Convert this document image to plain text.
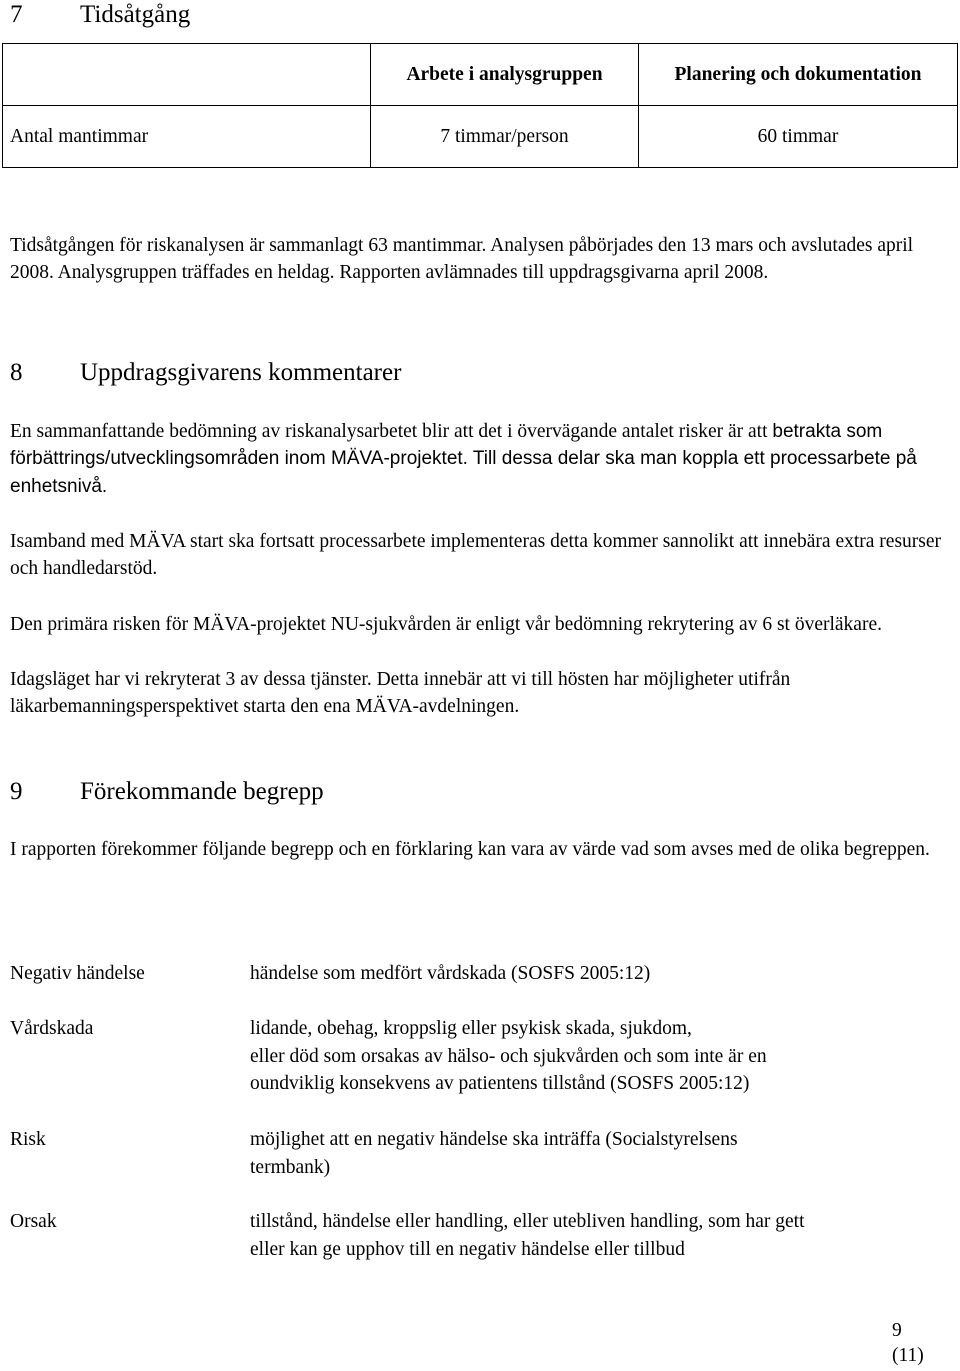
7 Tidsåtgång
	Arbete i analysgruppen	Planering och dokumentation
Antal mantimmar	7 timmar/person	60 timmar

Tidsåtgången för riskanalysen är sammanlagt 63 mantimmar. Analysen påbörjades den 13 mars och avslutades april 2008. Analysgruppen träffades en heldag. Rapporten avlämnades till uppdragsgivarna april 2008.

8 Uppdragsgivarens kommentarer

En sammanfattande bedömning av riskanalysarbetet blir att det i övervägande antalet risker är att betrakta som förbättrings/utvecklingsområden inom MÄVA-projektet. Till dessa delar ska man koppla ett processarbete på enhetsnivå.

Isamband med MÄVA start ska fortsatt processarbete implementeras detta kommer sannolikt att innebära extra resurser och handledarstöd.

Den primära risken för MÄVA-projektet NU-sjukvården är enligt vår bedömning rekrytering av 6 st överläkare.

Idagsläget har vi rekryterat 3 av dessa tjänster. Detta innebär att vi till hösten har möjligheter utifrån läkarbemanningsperspektivet starta den ena MÄVA-avdelningen.

9 Förekommande begrepp

I rapporten förekommer följande begrepp och en förklaring kan vara av värde vad som avses med de olika begreppen.

Negativ händelse	händelse som medfört vårdskada (SOSFS 2005:12)
Vårdskada	lidande, obehag, kroppslig eller psykisk skada, sjukdom,
eller död som orsakas av hälso- och sjukvården och som inte är en
oundviklig konsekvens av patientens tillstånd (SOSFS 2005:12)
Risk	möjlighet att en negativ händelse ska inträffa (Socialstyrelsens
termbank)
Orsak	tillstånd, händelse eller handling, eller utebliven handling, som har gett
eller kan ge upphov till en negativ händelse eller tillbud
9
(11)
